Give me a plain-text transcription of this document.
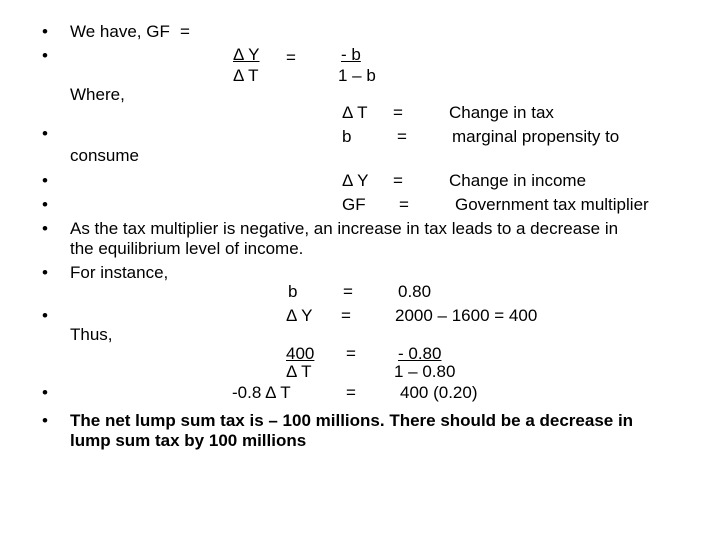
•
•
•
•
•
•
•
•
•
•
We have, GF =
Δ Y
Δ T
=	- b
1 – b
Where,
Δ T =	Change in tax
b	=	marginal propensity to
consume
Δ Y =	Change in income
GF =	Government tax multiplier
As the tax multiplier is negative, an increase in tax leads to a decrease in
the equilibrium level of income.
For instance,
b	=	0.80
Δ Y =	2000 – 1600 = 400
Thus,
400
Δ T
= - 0.80
1 – 0.80
-0.8 Δ T	=	400 (0.20)
The net lump sum tax is – 100 millions. There should be a decrease in
lump sum tax by 100 millions
